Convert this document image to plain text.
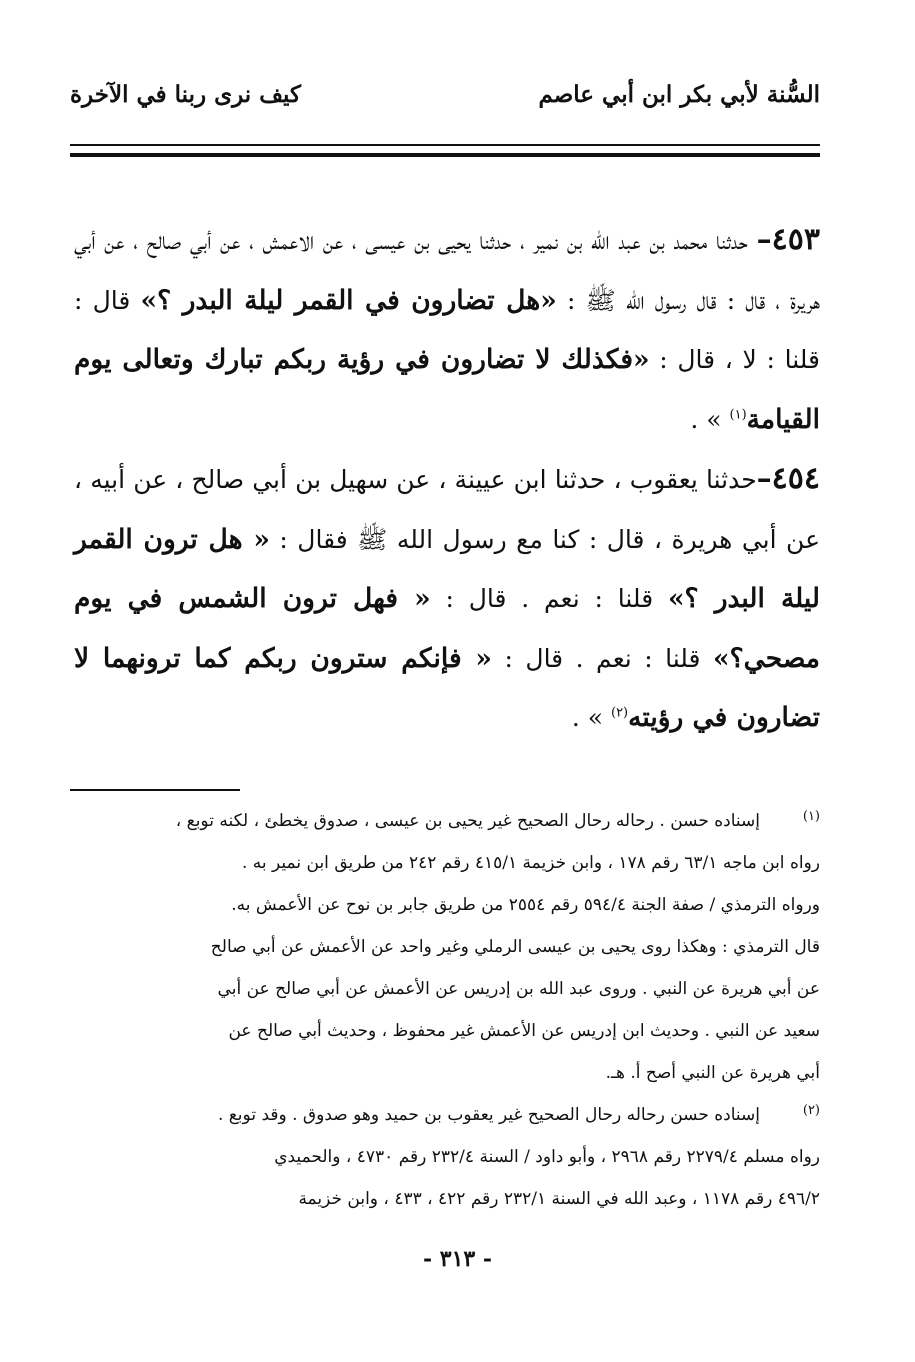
السُّنة لأبي بكر ابن أبي عاصم
كيف نرى ربنا في الآخرة

٤٥٣– حدثنا محمد بن عبد الله بن نمير ، حدثنا يحيى بن عيسى ، عن الاعمش ، عن أبي صالح ، عن أبي هريرة ، قال : قال رسول الله ﷺ : «هل تضارون في القمر ليلة البدر ؟» قال : قلنا : لا ، قال : «فكذلك لا تضارون في رؤية ربكم تبارك وتعالى يوم القيامة$^{(١)}$ » .

٤٥٤–حدثنا يعقوب ، حدثنا ابن عيينة ، عن سهيل بن أبي صالح ، عن أبيه ، عن أبي هريرة ، قال : كنا مع رسول الله ﷺ فقال : « هل ترون القمر ليلة البدر ؟» قلنا : نعم . قال : « فهل ترون الشمس في يوم مصحي؟» قلنا : نعم . قال : « فإنكم سترون ربكم كما ترونهما لا تضارون في رؤيته$^{(٢)}$ » .

(١)

إسناده حسن . رحاله رحال الصحيح غير يحيى بن عيسى ، صدوق يخطئ ، لكنه توبع ،

رواه ابن ماجه ٦٣/١ رقم ١٧٨ ، وابن خزيمة ٤١٥/١ رقم ٢٤٢ من طريق ابن نمير به .

ورواه الترمذي / صفة الجنة ٥٩٤/٤ رقم ٢٥٥٤ من طريق جابر بن نوح عن الأعمش به.

قال الترمذي : وهكذا روى يحيى بن عيسى الرملي وغير واحد عن الأعمش عن أبي صالح

عن أبي هريرة عن النبي . وروى عبد الله بن إدريس عن الأعمش عن أبي صالح عن أبي

سعيد عن النبي . وحديث ابن إدريس عن الأعمش غير محفوظ ، وحديث أبي صالح عن

أبي هريرة عن النبي أصح أ. هـ.

(٢)

إسناده حسن رحاله رحال الصحيح غير يعقوب بن حميد وهو صدوق . وقد توبع .

رواه مسلم ٢٢٧٩/٤ رقم ٢٩٦٨ ، وأبو داود / السنة ٢٣٢/٤ رقم ٤٧٣٠ ، والحميدي

٤٩٦/٢ رقم ١١٧٨ ، وعبد الله في السنة ٢٣٢/١ رقم ٤٢٢ ، ٤٣٣ ، وابن خزيمة

- ٣١٣ -
